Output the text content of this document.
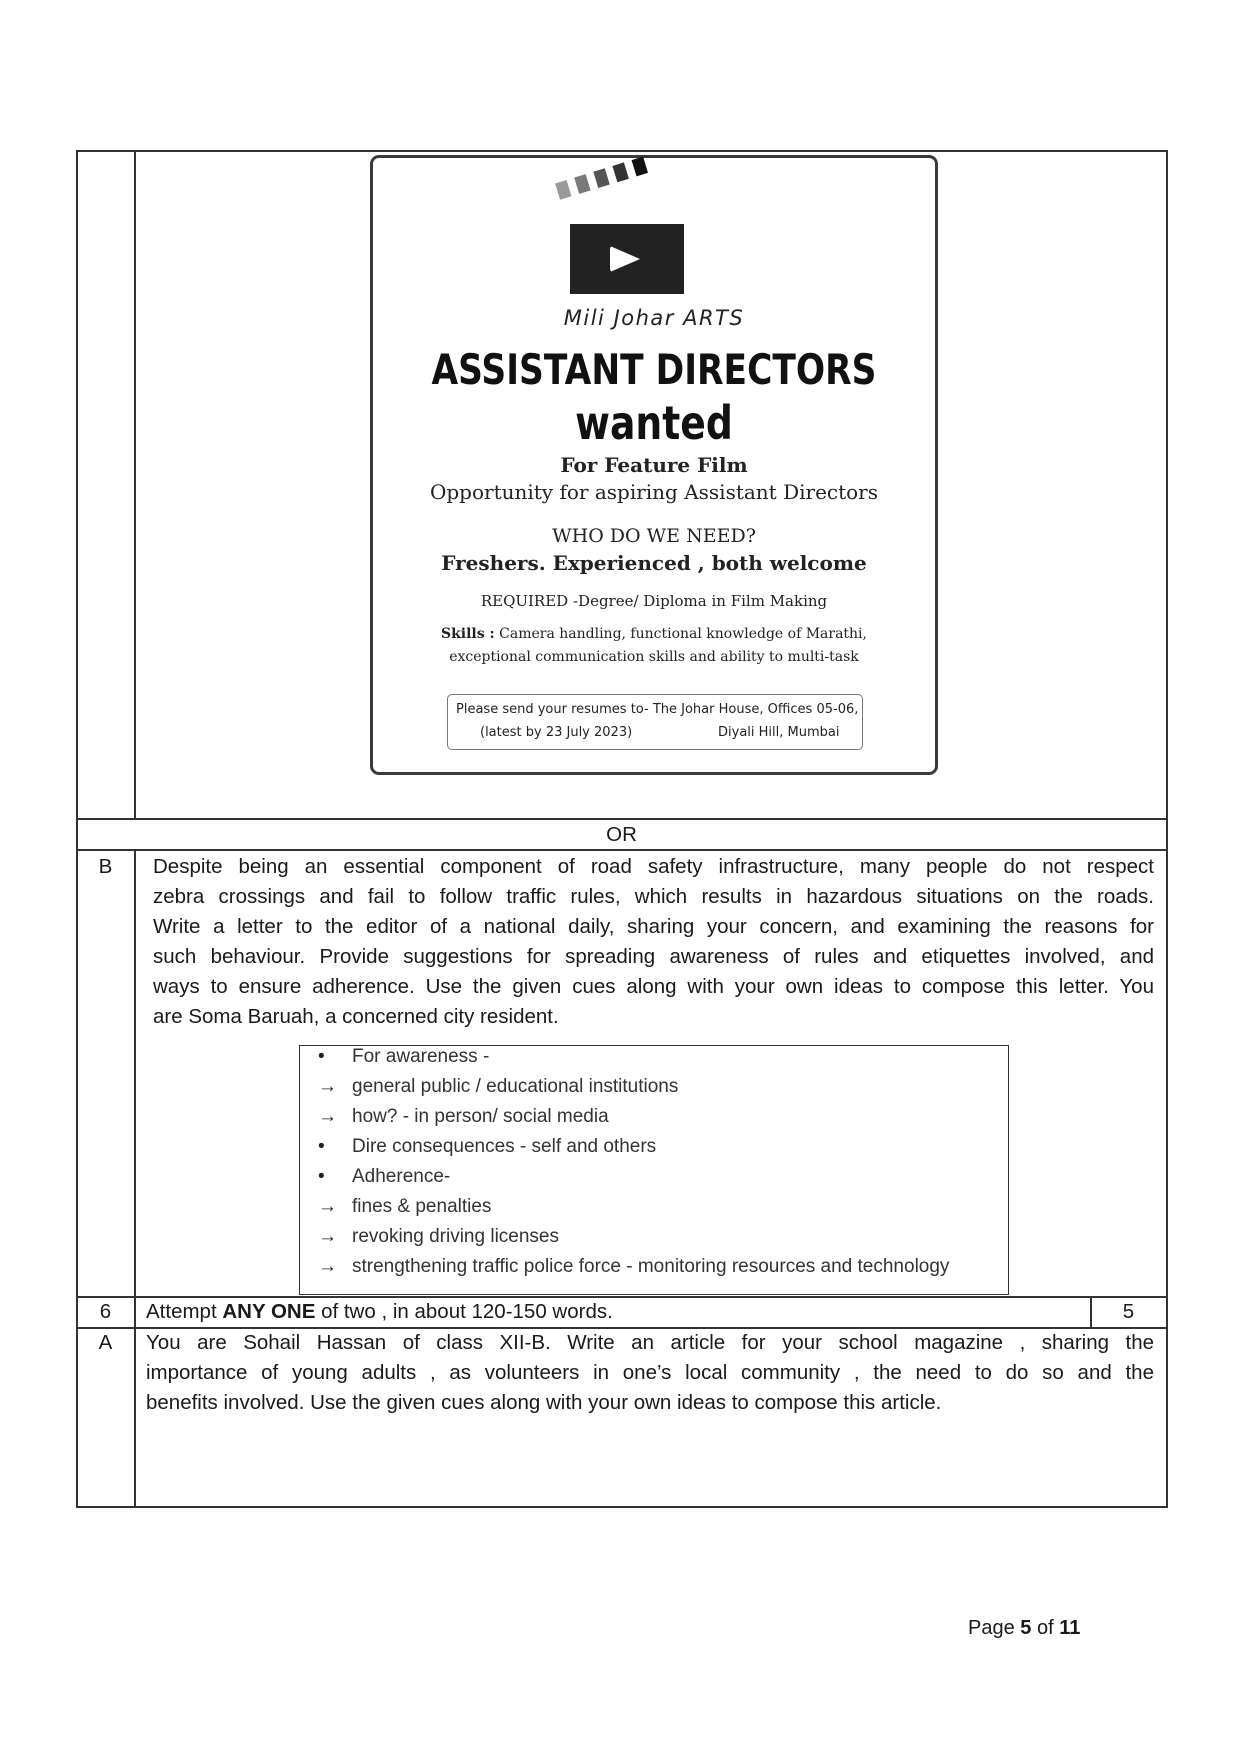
Mili Johar ARTS
ASSISTANT DIRECTORS
wanted
For Feature Film
Opportunity for aspiring Assistant Directors
WHO DO WE NEED?
Freshers. Experienced , both welcome
REQUIRED -Degree/ Diploma in Film Making
Skills : Camera handling, functional knowledge of Marathi,
exceptional communication skills and ability to multi-task
Please send your resumes to- The Johar House, Offices 05-06,
(latest by 23 July 2023)	Diyali Hill, Mumbai
OR
B	Despite being an essential component of road safety infrastructure, many people do not respect
zebra crossings and fail to follow traffic rules, which results in hazardous situations on the roads.
Write a letter to the editor of a national daily, sharing your concern, and examining the reasons for
such behaviour. Provide suggestions for spreading awareness of rules and etiquettes involved, and
ways to ensure adherence. Use the given cues along with your own ideas to compose this letter. You
are Soma Baruah, a concerned city resident.
• For awareness -
→ general public / educational institutions
→ how? - in person/ social media
• Dire consequences - self and others
• Adherence-
→ fines & penalties
→ revoking driving licenses
→ strengthening traffic police force - monitoring resources and technology
6	Attempt ANY ONE of two , in about 120-150 words.	5
A	You are Sohail Hassan of class XII-B. Write an article for your school magazine , sharing the
importance of young adults , as volunteers in one’s local community , the need to do so and the
benefits involved. Use the given cues along with your own ideas to compose this article.
Page 5 of 11
